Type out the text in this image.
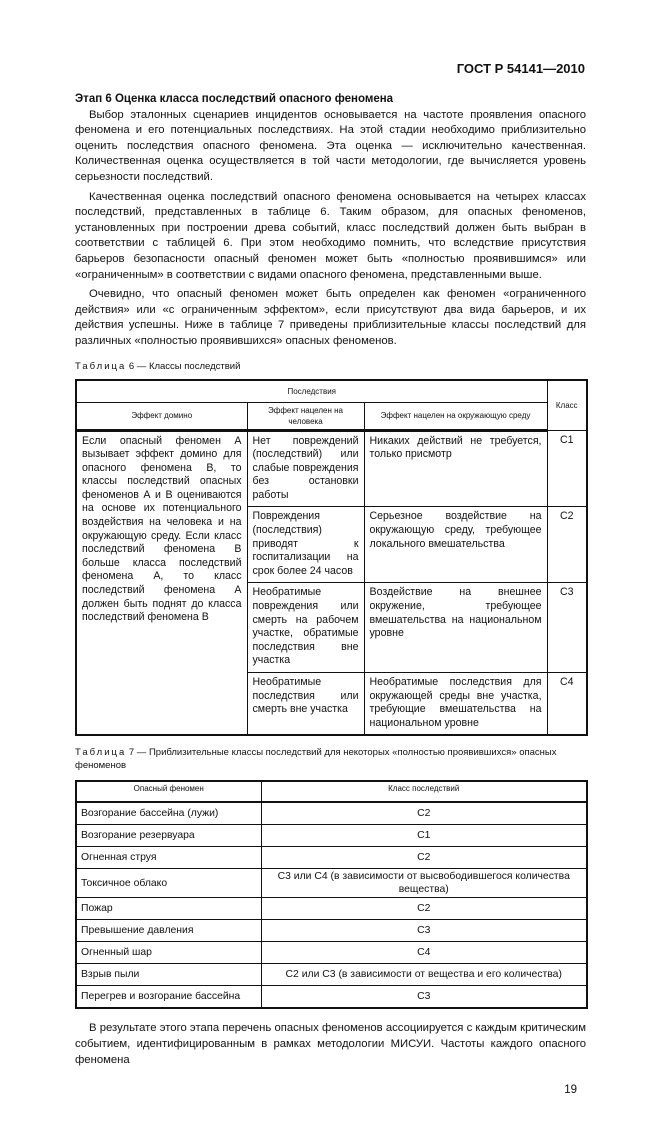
ГОСТ Р 54141—2010
Этап 6 Оценка класса последствий опасного феномена

Выбор эталонных сценариев инцидентов основывается на частоте проявления опасного феномена и его потенциальных последствиях. На этой стадии необходимо приблизительно оценить последствия опасного феномена. Эта оценка — исключительно качественная. Количественная оценка осуществляется в той части методологии, где вычисляется уровень серьезности последствий.

Качественная оценка последствий опасного феномена основывается на четырех классах последствий, представленных в таблице 6. Таким образом, для опасных феноменов, установленных при построении древа событий, класс последствий должен быть выбран в соответствии с таблицей 6. При этом необходимо помнить, что вследствие присутствия барьеров безопасности опасный феномен может быть «полностью проявившимся» или «ограниченным» в соответствии с видами опасного феномена, представленными выше.

Очевидно, что опасный феномен может быть определен как феномен «ограниченного действия» или «с ограниченным эффектом», если присутствуют два вида барьеров, и их действия успешны. Ниже в таблице 7 приведены приблизительные классы последствий для различных «полностью проявившихся» опасных феноменов.

Таблица 6 — Классы последствий
Последствия			Класс
Эффект домино	Эффект нацелен на человека	Эффект нацелен на окружающую среду	
Если опасный феномен А вызывает эффект домино для опасного феномена В, то классы последствий опасных феноменов А и В оцениваются на основе их потенциального воздействия на человека и на окружающую среду. Если класс последствий феномена В больше класса последствий феномена А, то класс последствий феномена А должен быть поднят до класса последствий феномена В	Нет повреждений (последствий) или слабые повреждения без остановки работы	Никаких действий не требуется, только присмотр	С1
	Повреждения (последствия) приводят к госпитализации на срок более 24 часов	Серьезное воздействие на окружающую среду, требующее локального вмешательства	С2
	Необратимые повреждения или смерть на рабочем участке, обратимые последствия вне участка	Воздействие на внешнее окружение, требующее вмешательства на национальном уровне	С3
	Необратимые последствия или смерть вне участка	Необратимые последствия для окружающей среды вне участка, требующие вмешательства на национальном уровне	С4
Таблица 7 — Приблизительные классы последствий для некоторых «полностью проявившихся» опасных феноменов
Опасный феномен	Класс последствий
Возгорание бассейна (лужи)	С2
Возгорание резервуара	С1
Огненная струя	С2
Токсичное облако	С3 или С4 (в зависимости от высвободившегося количества вещества)
Пожар	С2
Превышение давления	С3
Огненный шар	С4
Взрыв пыли	С2 или С3 (в зависимости от вещества и его количества)
Перегрев и возгорание бассейна	С3

В результате этого этапа перечень опасных феноменов ассоциируется с каждым критическим событием, идентифицированным в рамках методологии МИСУИ. Частоты каждого опасного феномена

19
